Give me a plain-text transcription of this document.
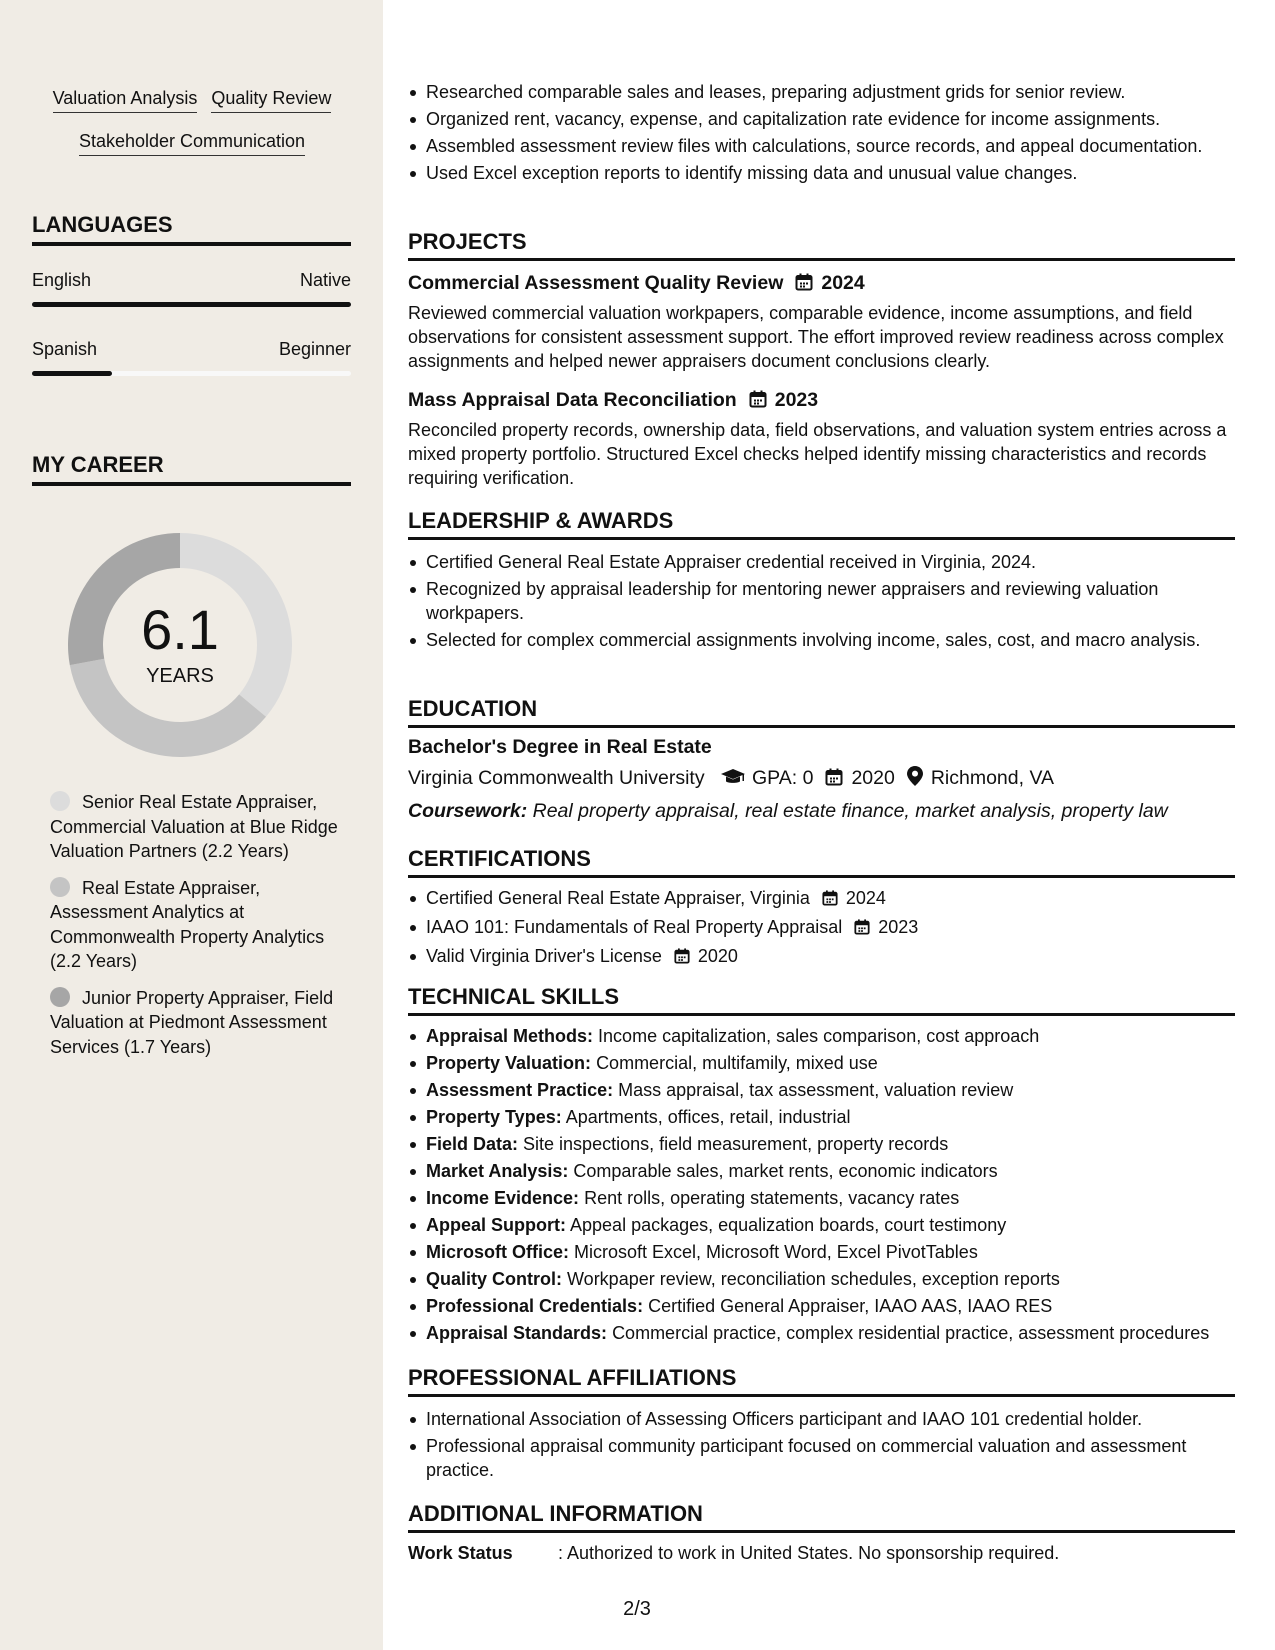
Valuation Analysis Quality Review
Stakeholder Communication
LANGUAGES
English	Native
Spanish	Beginner
MY CAREER
6.1
YEARS
Senior Real Estate Appraiser, Commercial Valuation at Blue Ridge Valuation Partners (2.2 Years)
Real Estate Appraiser, Assessment Analytics at Commonwealth Property Analytics (2.2 Years)
Junior Property Appraiser, Field Valuation at Piedmont Assessment Services (1.7 Years)
Researched comparable sales and leases, preparing adjustment grids for senior review.
Organized rent, vacancy, expense, and capitalization rate evidence for income assignments.
Assembled assessment review files with calculations, source records, and appeal documentation.
Used Excel exception reports to identify missing data and unusual value changes.
PROJECTS
Commercial Assessment Quality Review 2024
Reviewed commercial valuation workpapers, comparable evidence, income assumptions, and field observations for consistent assessment support. The effort improved review readiness across complex assignments and helped newer appraisers document conclusions clearly.
Mass Appraisal Data Reconciliation 2023
Reconciled property records, ownership data, field observations, and valuation system entries across a mixed property portfolio. Structured Excel checks helped identify missing characteristics and records requiring verification.
LEADERSHIP & AWARDS
Certified General Real Estate Appraiser credential received in Virginia, 2024.
Recognized by appraisal leadership for mentoring newer appraisers and reviewing valuation workpapers.
Selected for complex commercial assignments involving income, sales, cost, and macro analysis.
EDUCATION
Bachelor's Degree in Real Estate
Virginia Commonwealth University GPA: 0 2020 Richmond, VA
Coursework: Real property appraisal, real estate finance, market analysis, property law
CERTIFICATIONS
Certified General Real Estate Appraiser, Virginia 2024
IAAO 101: Fundamentals of Real Property Appraisal 2023
Valid Virginia Driver's License 2020
TECHNICAL SKILLS
Appraisal Methods: Income capitalization, sales comparison, cost approach
Property Valuation: Commercial, multifamily, mixed use
Assessment Practice: Mass appraisal, tax assessment, valuation review
Property Types: Apartments, offices, retail, industrial
Field Data: Site inspections, field measurement, property records
Market Analysis: Comparable sales, market rents, economic indicators
Income Evidence: Rent rolls, operating statements, vacancy rates
Appeal Support: Appeal packages, equalization boards, court testimony
Microsoft Office: Microsoft Excel, Microsoft Word, Excel PivotTables
Quality Control: Workpaper review, reconciliation schedules, exception reports
Professional Credentials: Certified General Appraiser, IAAO AAS, IAAO RES
Appraisal Standards: Commercial practice, complex residential practice, assessment procedures
PROFESSIONAL AFFILIATIONS
International Association of Assessing Officers participant and IAAO 101 credential holder.
Professional appraisal community participant focused on commercial valuation and assessment practice.
ADDITIONAL INFORMATION
Work Status	: Authorized to work in United States. No sponsorship required.
2/3
